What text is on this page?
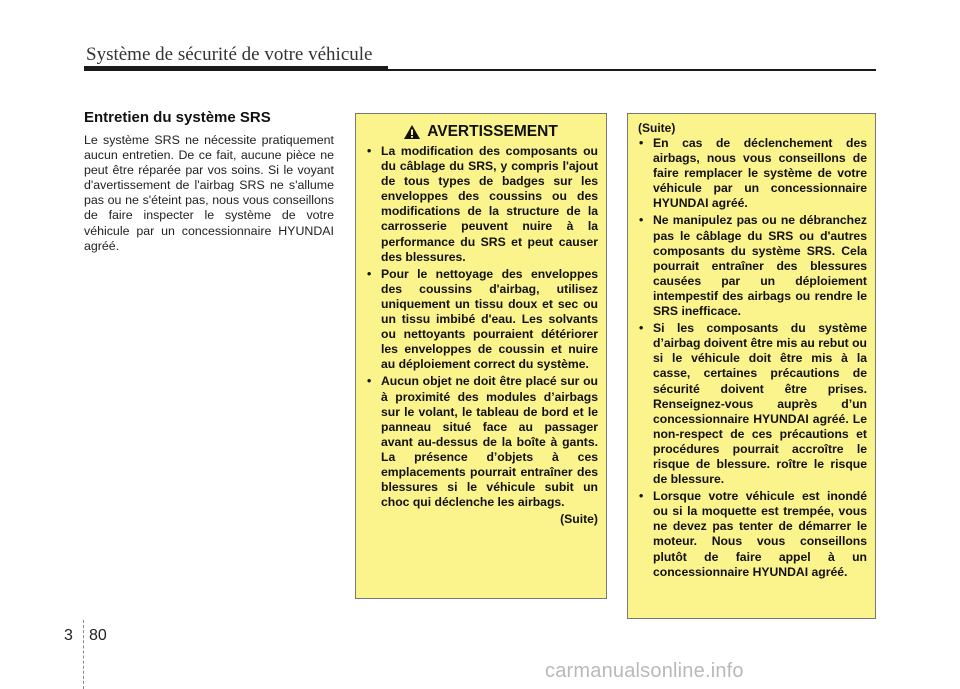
Système de sécurité de votre véhicule
Entretien du système SRS

Le système SRS ne nécessite pratiquement aucun entretien. De ce fait, aucune pièce ne peut être réparée par vos soins. Si le voyant d'avertissement de l'airbag SRS ne s'allume pas ou ne s'éteint pas, nous vous conseillons de faire inspecter le système de votre véhicule par un concessionnaire HYUNDAI agréé.

AVERTISSEMENT
• La modification des composants ou du câblage du SRS, y compris l'ajout de tous types de badges sur les enveloppes des coussins ou des modifications de la structure de la carrosserie peuvent nuire à la performance du SRS et peut causer des blessures.
• Pour le nettoyage des enveloppes des coussins d'airbag, utilisez uniquement un tissu doux et sec ou un tissu imbibé d'eau. Les solvants ou nettoyants pourraient détériorer les enveloppes de coussin et nuire au déploiement correct du système.
• Aucun objet ne doit être placé sur ou à proximité des modules d’airbags sur le volant, le tableau de bord et le panneau situé face au passager avant au-dessus de la boîte à gants. La présence d’objets à ces emplacements pourrait entraîner des blessures si le véhicule subit un choc qui déclenche les airbags.
(Suite)
(Suite)
• En cas de déclenchement des airbags, nous vous conseillons de faire remplacer le système de votre véhicule par un concessionnaire HYUNDAI agréé.
• Ne manipulez pas ou ne débranchez pas le câblage du SRS ou d'autres composants du système SRS. Cela pourrait entraîner des blessures causées par un déploiement intempestif des airbags ou rendre le SRS inefficace.
• Si les composants du système d’airbag doivent être mis au rebut ou si le véhicule doit être mis à la casse, certaines précautions de sécurité doivent être prises. Renseignez-vous auprès d’un concessionnaire HYUNDAI agréé. Le non-respect de ces précautions et procédures pourrait accroître le risque de blessure. roître le risque de blessure.
• Lorsque votre véhicule est inondé ou si la moquette est trempée, vous ne devez pas tenter de démarrer le moteur. Nous vous conseillons plutôt de faire appel à un concessionnaire HYUNDAI agréé.
3 80
carmanualsonline.info
